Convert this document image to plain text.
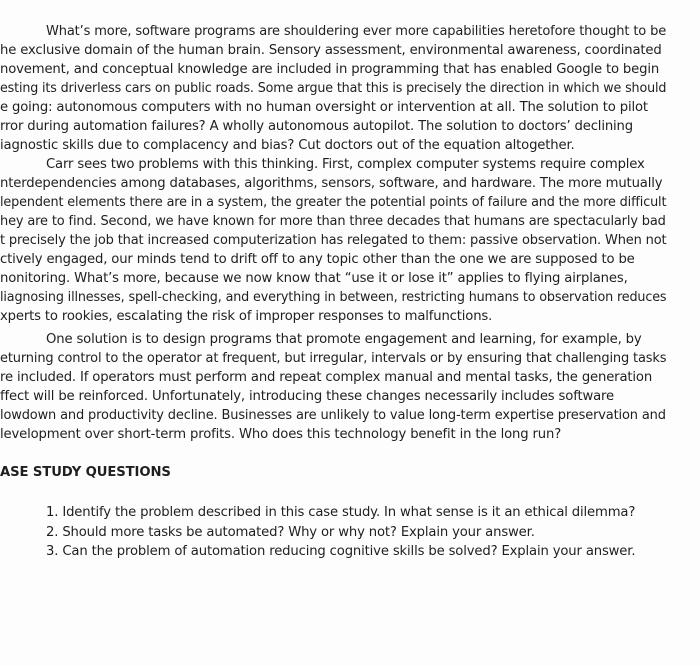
What’s more, software programs are shouldering ever more capabilities heretofore thought to be
he exclusive domain of the human brain. Sensory assessment, environmental awareness, coordinated
novement, and conceptual knowledge are included in programming that has enabled Google to begin
esting its driverless cars on public roads. Some argue that this is precisely the direction in which we should
e going: autonomous computers with no human oversight or intervention at all. The solution to pilot
rror during automation failures? A wholly autonomous autopilot. The solution to doctors’ declining
iagnostic skills due to complacency and bias? Cut doctors out of the equation altogether.
Carr sees two problems with this thinking. First, complex computer systems require complex
nterdependencies among databases, algorithms, sensors, software, and hardware. The more mutually
lependent elements there are in a system, the greater the potential points of failure and the more difficult
hey are to find. Second, we have known for more than three decades that humans are spectacularly bad
t precisely the job that increased computerization has relegated to them: passive observation. When not
ctively engaged, our minds tend to drift off to any topic other than the one we are supposed to be
nonitoring. What’s more, because we now know that “use it or lose it” applies to flying airplanes,
liagnosing illnesses, spell-checking, and everything in between, restricting humans to observation reduces
xperts to rookies, escalating the risk of improper responses to malfunctions.
One solution is to design programs that promote engagement and learning, for example, by
eturning control to the operator at frequent, but irregular, intervals or by ensuring that challenging tasks
re included. If operators must perform and repeat complex manual and mental tasks, the generation
ffect will be reinforced. Unfortunately, introducing these changes necessarily includes software
lowdown and productivity decline. Businesses are unlikely to value long-term expertise preservation and
levelopment over short-term profits. Who does this technology benefit in the long run?
ASE STUDY QUESTIONS
1. Identify the problem described in this case study. In what sense is it an ethical dilemma?
2. Should more tasks be automated? Why or why not? Explain your answer.
3. Can the problem of automation reducing cognitive skills be solved? Explain your answer.
